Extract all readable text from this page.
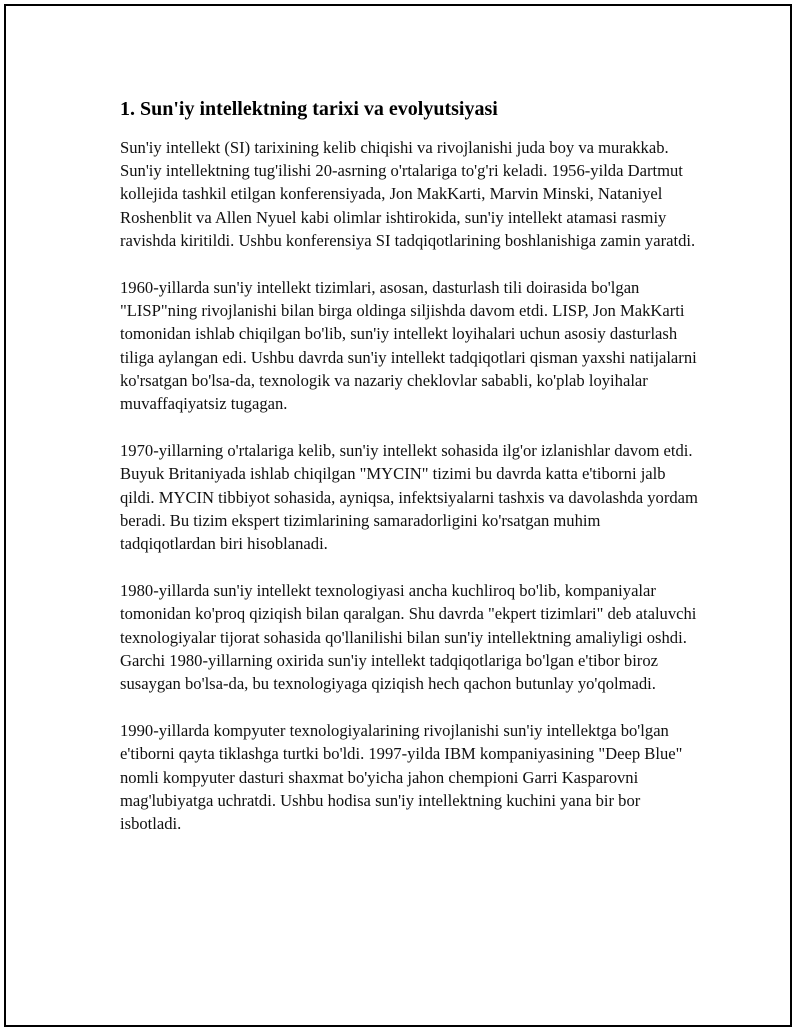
1. Sun'iy intellektning tarixi va evolyutsiyasi

Sun'iy intellekt (SI) tarixining kelib chiqishi va rivojlanishi juda boy va murakkab. Sun'iy intellektning tug'ilishi 20-asrning o'rtalariga to'g'ri keladi. 1956-yilda Dartmut kollejida tashkil etilgan konferensiyada, Jon MakKarti, Marvin Minski, Nataniyel Roshenblit va Allen Nyuel kabi olimlar ishtirokida, sun'iy intellekt atamasi rasmiy ravishda kiritildi. Ushbu konferensiya SI tadqiqotlarining boshlanishiga zamin yaratdi.

1960-yillarda sun'iy intellekt tizimlari, asosan, dasturlash tili doirasida bo'lgan "LISP"ning rivojlanishi bilan birga oldinga siljishda davom etdi. LISP, Jon MakKarti tomonidan ishlab chiqilgan bo'lib, sun'iy intellekt loyihalari uchun asosiy dasturlash tiliga aylangan edi. Ushbu davrda sun'iy intellekt tadqiqotlari qisman yaxshi natijalarni ko'rsatgan bo'lsa-da, texnologik va nazariy cheklovlar sababli, ko'plab loyihalar muvaffaqiyatsiz tugagan.

1970-yillarning o'rtalariga kelib, sun'iy intellekt sohasida ilg'or izlanishlar davom etdi. Buyuk Britaniyada ishlab chiqilgan "MYCIN" tizimi bu davrda katta e'tiborni jalb qildi. MYCIN tibbiyot sohasida, ayniqsa, infektsiyalarni tashxis va davolashda yordam beradi. Bu tizim ekspert tizimlarining samaradorligini ko'rsatgan muhim tadqiqotlardan biri hisoblanadi.

1980-yillarda sun'iy intellekt texnologiyasi ancha kuchliroq bo'lib, kompaniyalar tomonidan ko'proq qiziqish bilan qaralgan. Shu davrda "ekpert tizimlari" deb ataluvchi texnologiyalar tijorat sohasida qo'llanilishi bilan sun'iy intellektning amaliyligi oshdi. Garchi 1980-yillarning oxirida sun'iy intellekt tadqiqotlariga bo'lgan e'tibor biroz susaygan bo'lsa-da, bu texnologiyaga qiziqish hech qachon butunlay yo'qolmadi.

1990-yillarda kompyuter texnologiyalarining rivojlanishi sun'iy intellektga bo'lgan e'tiborni qayta tiklashga turtki bo'ldi. 1997-yilda IBM kompaniyasining "Deep Blue" nomli kompyuter dasturi shaxmat bo'yicha jahon chempioni Garri Kasparovni mag'lubiyatga uchratdi. Ushbu hodisa sun'iy intellektning kuchini yana bir bor isbotladi.
